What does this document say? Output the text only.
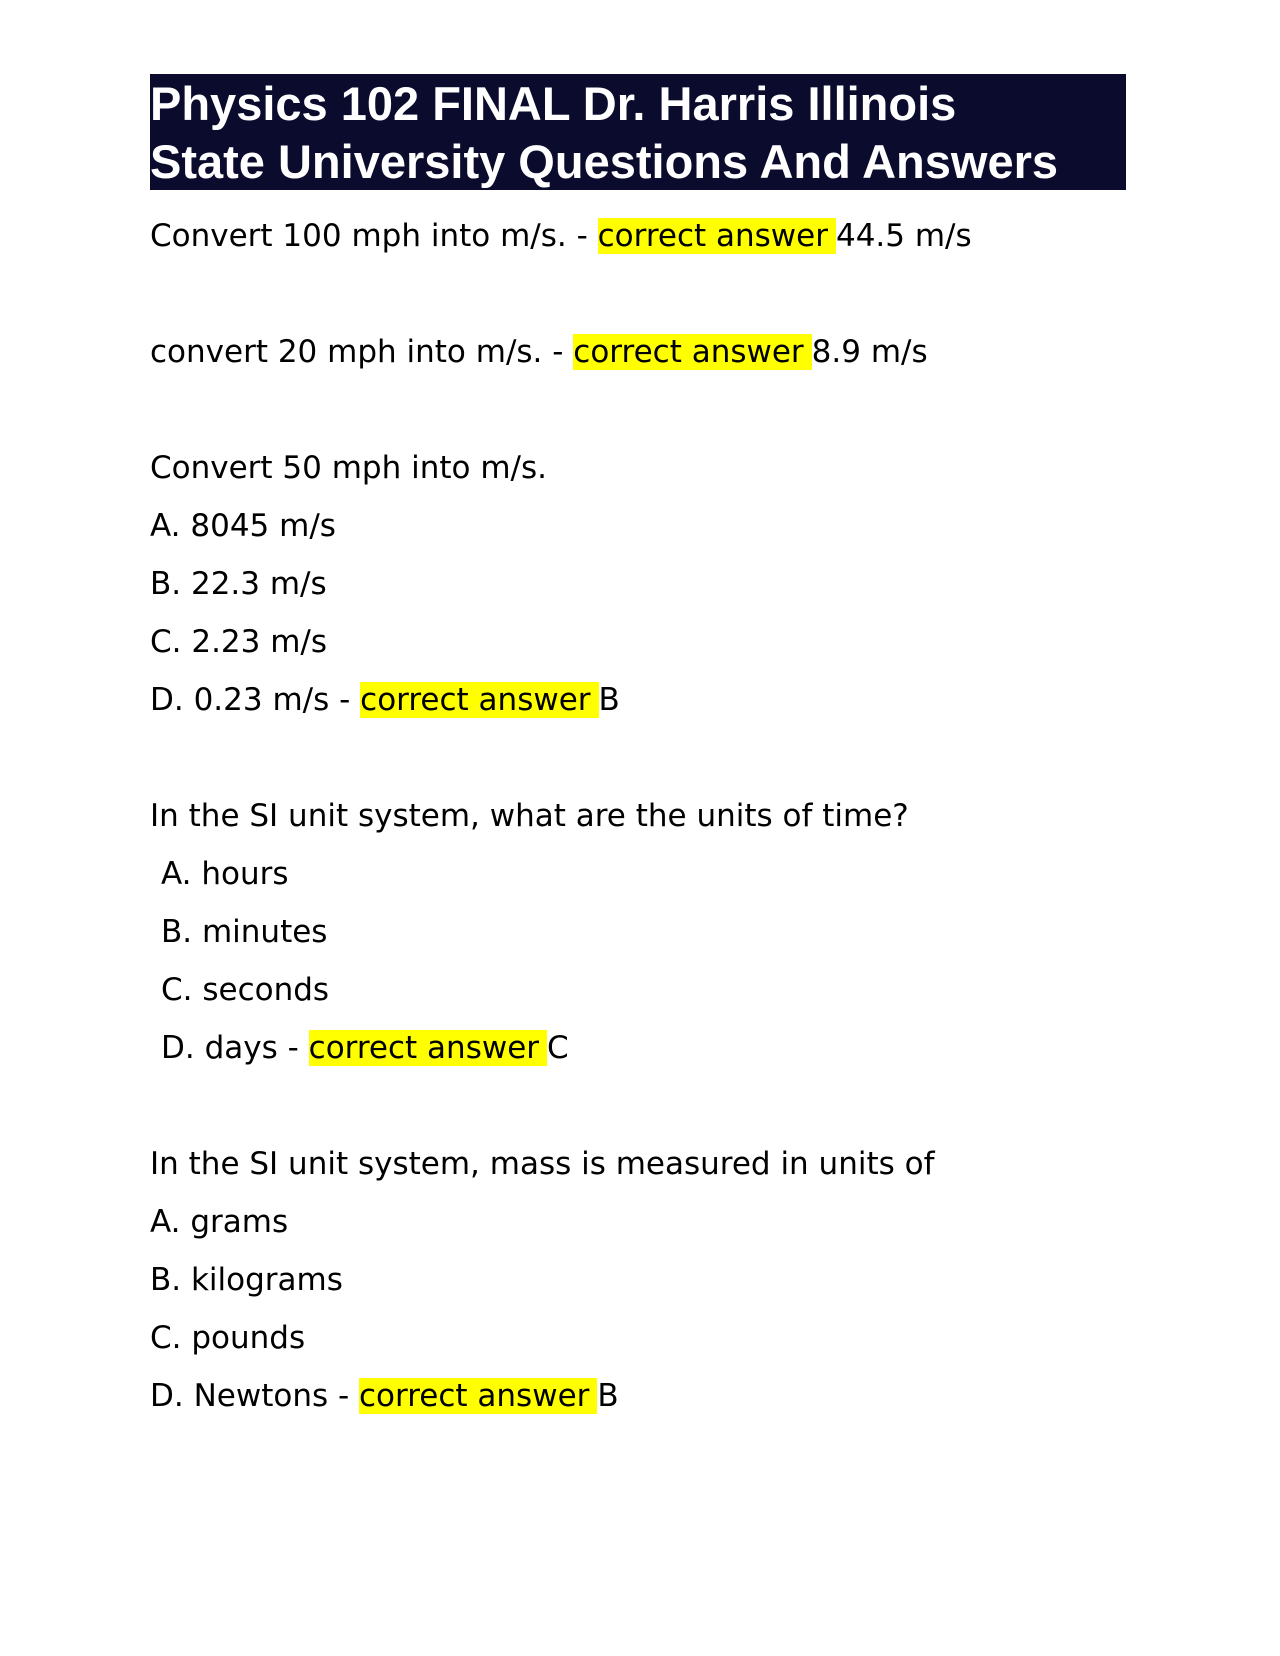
Physics 102 FINAL Dr. Harris Illinois
State University Questions And Answers
Convert 100 mph into m/s. - correct answer 44.5 m/s
convert 20 mph into m/s. - correct answer 8.9 m/s
Convert 50 mph into m/s.
A. 8045 m/s
B. 22.3 m/s
C. 2.23 m/s
D. 0.23 m/s - correct answer B
In the SI unit system, what are the units of time?
A. hours
B. minutes
C. seconds
D. days - correct answer C
In the SI unit system, mass is measured in units of
A. grams
B. kilograms
C. pounds
D. Newtons - correct answer B
